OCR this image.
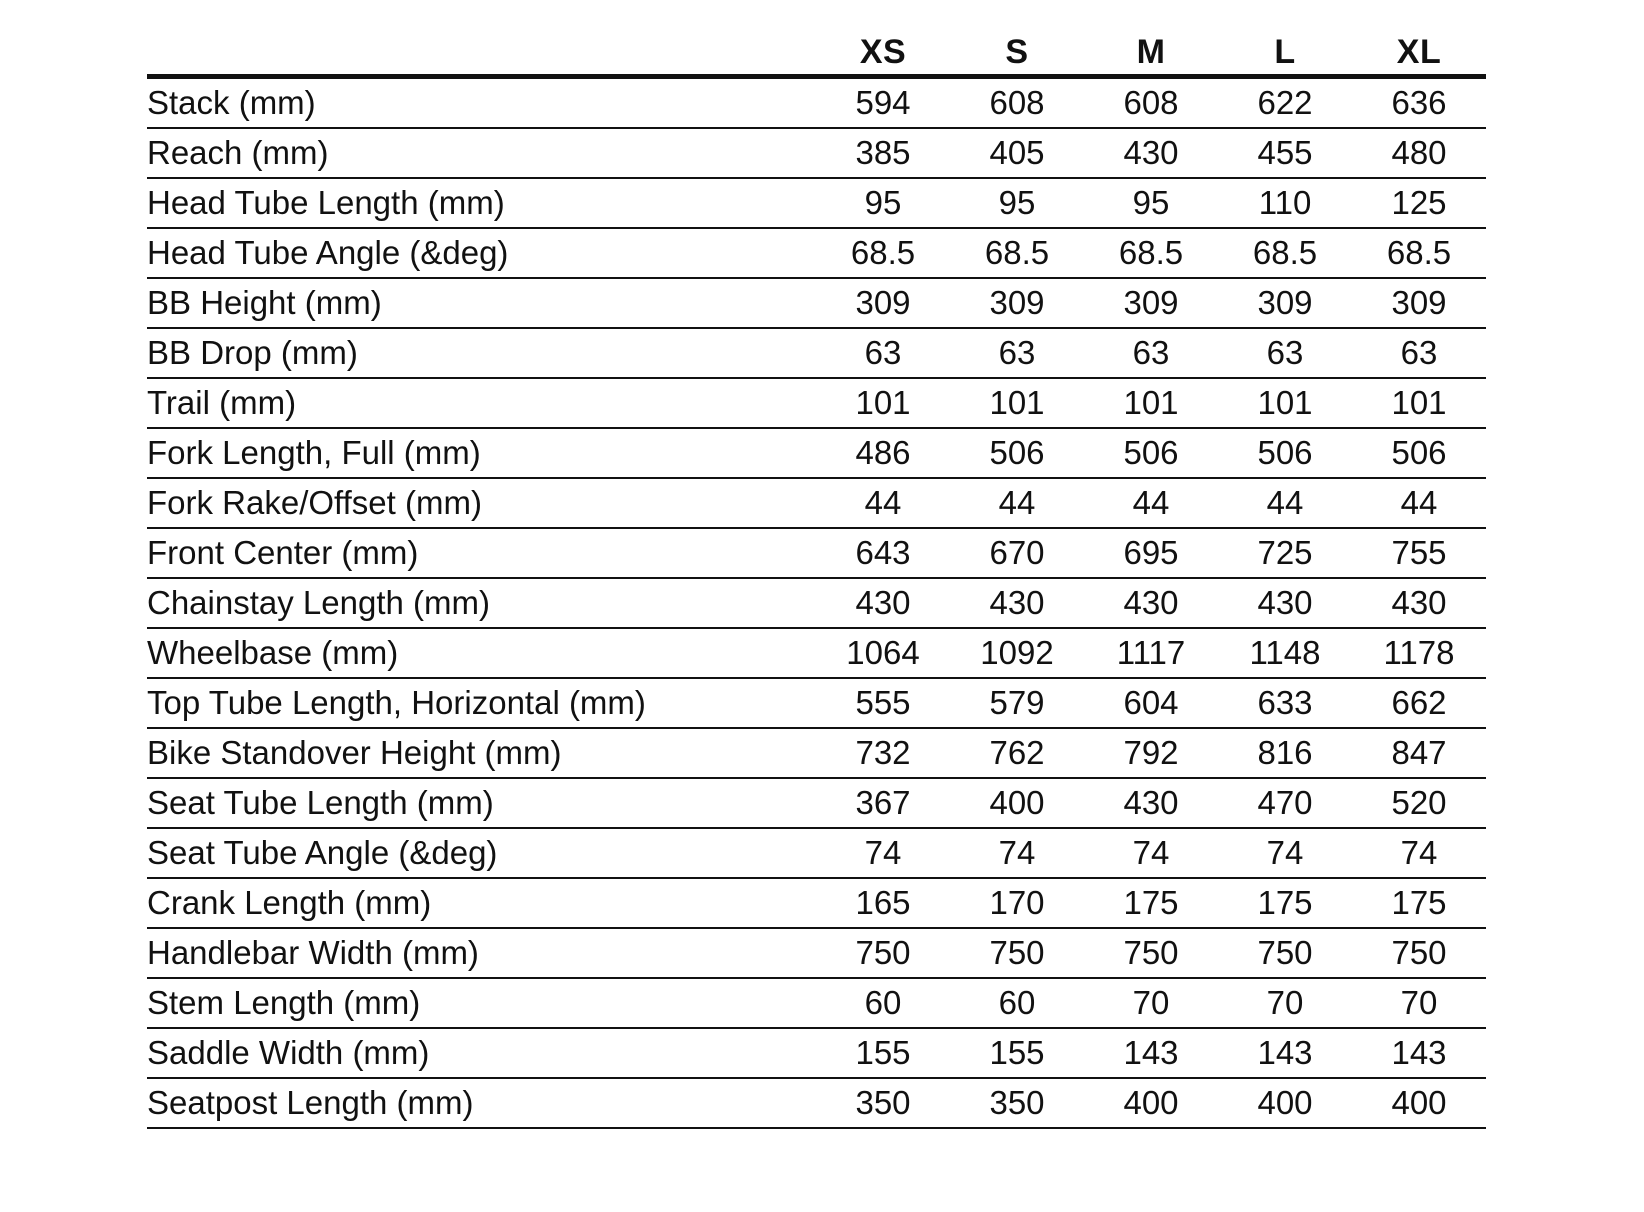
	XS	S	M	L	XL
Stack (mm)	594	608	608	622	636
Reach (mm)	385	405	430	455	480
Head Tube Length (mm)	95	95	95	110	125
Head Tube Angle (&deg)	68.5	68.5	68.5	68.5	68.5
BB Height (mm)	309	309	309	309	309
BB Drop (mm)	63	63	63	63	63
Trail (mm)	101	101	101	101	101
Fork Length, Full (mm)	486	506	506	506	506
Fork Rake/Offset (mm)	44	44	44	44	44
Front Center (mm)	643	670	695	725	755
Chainstay Length (mm)	430	430	430	430	430
Wheelbase (mm)	1064	1092	1117	1148	1178
Top Tube Length, Horizontal (mm)	555	579	604	633	662
Bike Standover Height (mm)	732	762	792	816	847
Seat Tube Length (mm)	367	400	430	470	520
Seat Tube Angle (&deg)	74	74	74	74	74
Crank Length (mm)	165	170	175	175	175
Handlebar Width (mm)	750	750	750	750	750
Stem Length (mm)	60	60	70	70	70
Saddle Width (mm)	155	155	143	143	143
Seatpost Length (mm)	350	350	400	400	400
